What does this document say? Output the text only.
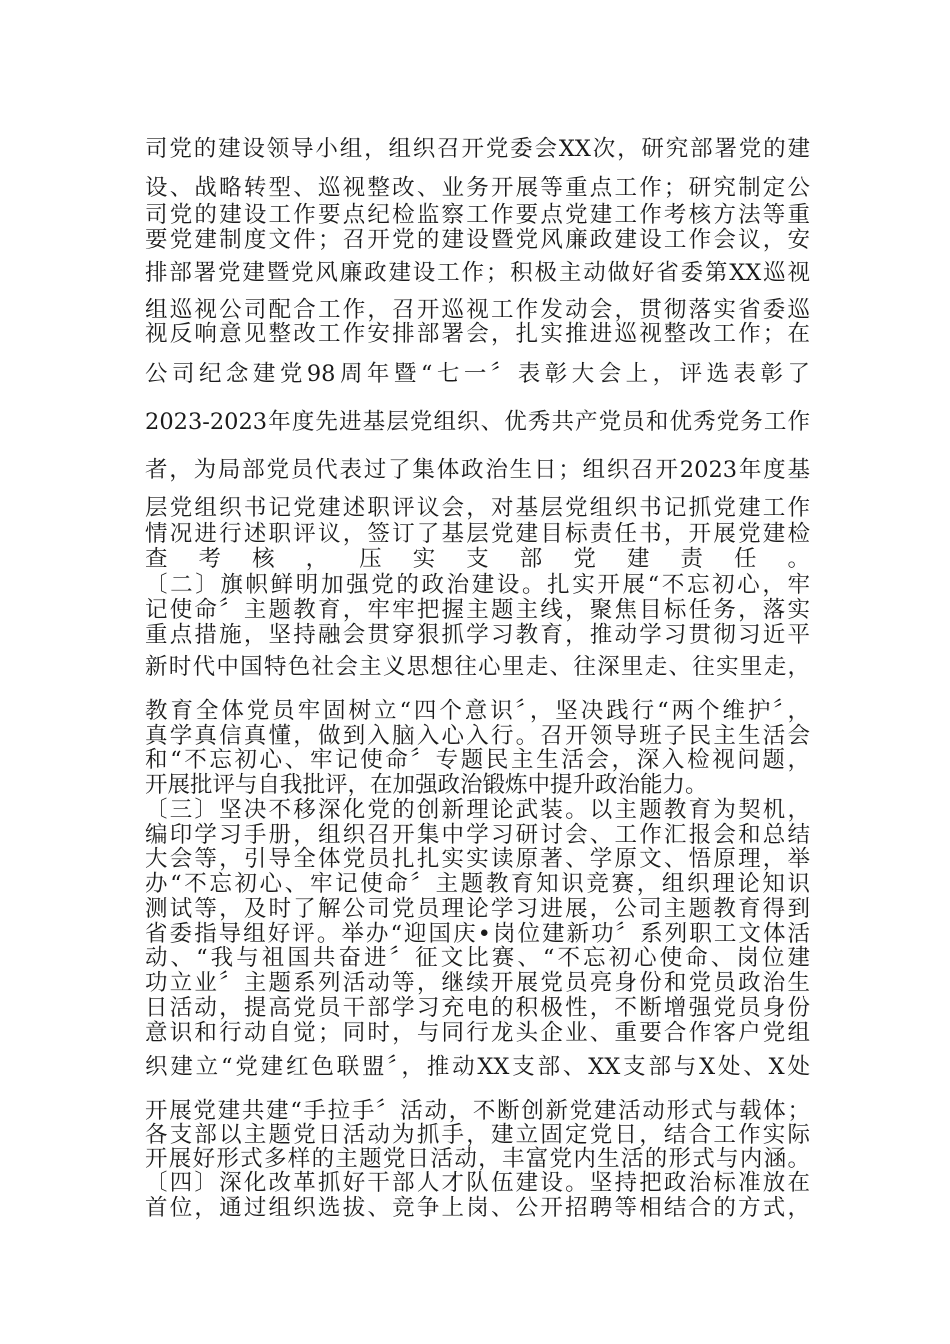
司党的建设领导小组，组织召开党委会XX次，研究部署党的建
设、战略转型、巡视整改、业务开展等重点工作；研究制定公
司党的建设工作要点纪检监察工作要点党建工作考核方法等重
要党建制度文件；召开党的建设暨党风廉政建设工作会议，安
排部署党建暨党风廉政建设工作；积极主动做好省委第XX巡视
组巡视公司配合工作，召开巡视工作发动会，贯彻落实省委巡
视反响意见整改工作安排部署会，扎实推进巡视整改工作；在
公司纪念建党98周年暨“七一〞表彰大会上，评选表彰了
2023-2023年度先进基层党组织、优秀共产党员和优秀党务工作
者，为局部党员代表过了集体政治生日；组织召开2023年度基
层党组织书记党建述职评议会，对基层党组织书记抓党建工作
情况进行述职评议，签订了基层党建目标责任书，开展党建检
查考核，压实支部党建责任。
〔二〕旗帜鲜明加强党的政治建设。扎实开展“不忘初心，牢
记使命〞主题教育，牢牢把握主题主线，聚焦目标任务，落实
重点措施，坚持融会贯穿狠抓学习教育，推动学习贯彻习近平
新时代中国特色社会主义思想往心里走、往深里走、往实里走，
教育全体党员牢固树立“四个意识〞，坚决践行“两个维护〞，
真学真信真懂，做到入脑入心入行。召开领导班子民主生活会
和“不忘初心、牢记使命〞专题民主生活会，深入检视问题，
开展批评与自我批评，在加强政治锻炼中提升政治能力。
〔三〕坚决不移深化党的创新理论武装。以主题教育为契机，
编印学习手册，组织召开集中学习研讨会、工作汇报会和总结
大会等，引导全体党员扎扎实实读原著、学原文、悟原理，举
办“不忘初心、牢记使命〞主题教育知识竞赛，组织理论知识
测试等，及时了解公司党员理论学习进展，公司主题教育得到
省委指导组好评。举办“迎国庆•岗位建新功〞系列职工文体活
动、“我与祖国共奋进〞征文比赛、“不忘初心使命、岗位建
功立业〞主题系列活动等，继续开展党员亮身份和党员政治生
日活动，提高党员干部学习充电的积极性，不断增强党员身份
意识和行动自觉；同时，与同行龙头企业、重要合作客户党组
织建立“党建红色联盟〞，推动XX支部、XX支部与X处、X处
开展党建共建“手拉手〞活动，不断创新党建活动形式与载体；
各支部以主题党日活动为抓手，建立固定党日，结合工作实际
开展好形式多样的主题党日活动，丰富党内生活的形式与内涵。
〔四〕深化改革抓好干部人才队伍建设。坚持把政治标准放在
首位，通过组织选拔、竞争上岗、公开招聘等相结合的方式，
